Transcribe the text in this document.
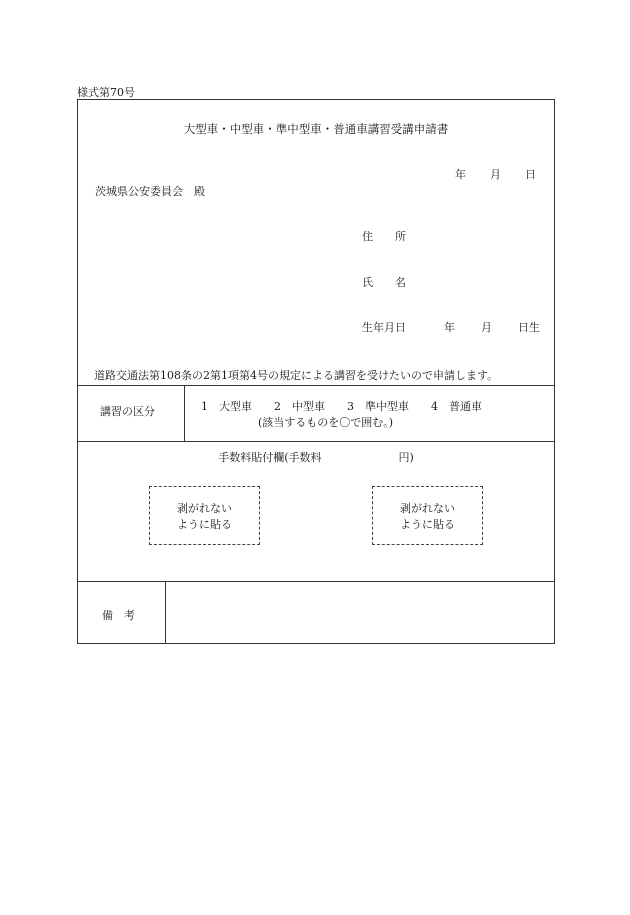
様式第70号
大型車・中型車・準中型車・普通車講習受講申請書
年 月 日
茨城県公安委員会　殿
住　　所
氏　　名
生年月日	年 月 日生
道路交通法第108条の2第1項第4号の規定による講習を受けたいので申請します。
講習の区分	1　大型車　　2　中型車　　3　準中型車　　4　普通車
(該当するものを〇で囲む。)
手数料貼付欄(手数料　　　　　　　円)
剥がれない
ように貼る
剥がれない
ように貼る
備　考
